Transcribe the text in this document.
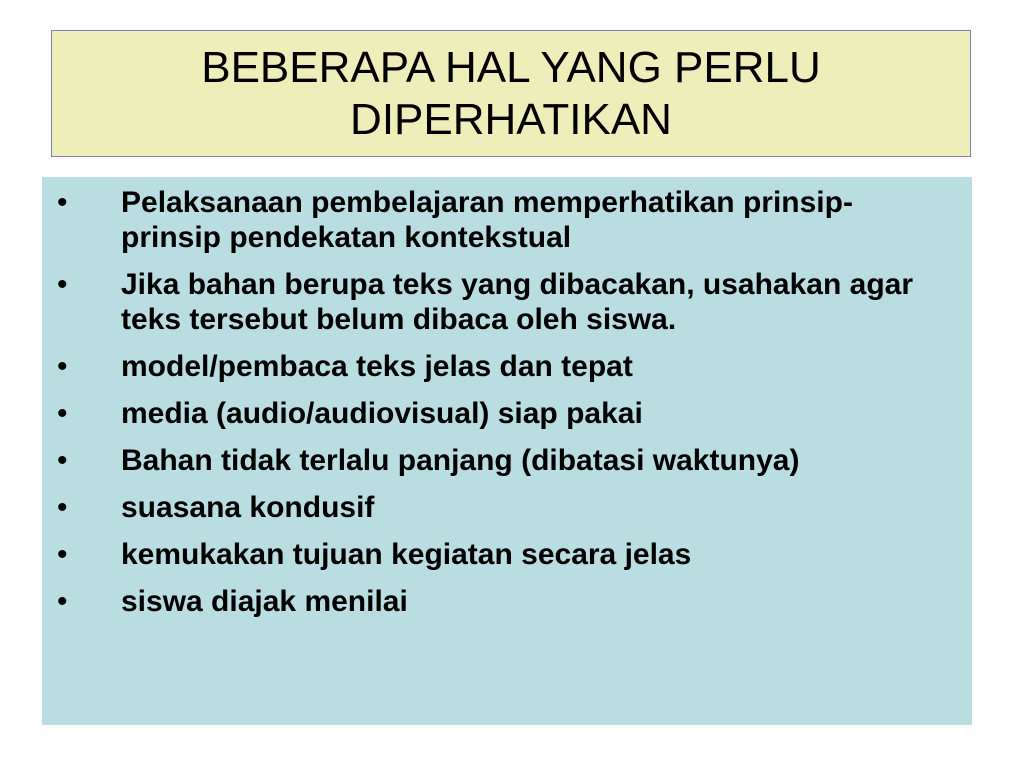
BEBERAPA HAL YANG PERLU DIPERHATIKAN
•	Pelaksanaan pembelajaran memperhatikan prinsip-prinsip pendekatan kontekstual
•	Jika bahan berupa teks yang dibacakan, usahakan agar teks tersebut belum dibaca oleh siswa.
•	model/pembaca teks jelas dan tepat
•	media (audio/audiovisual) siap pakai
•	Bahan tidak terlalu panjang (dibatasi waktunya)
•	suasana kondusif
•	kemukakan tujuan kegiatan secara jelas
•	siswa diajak menilai
